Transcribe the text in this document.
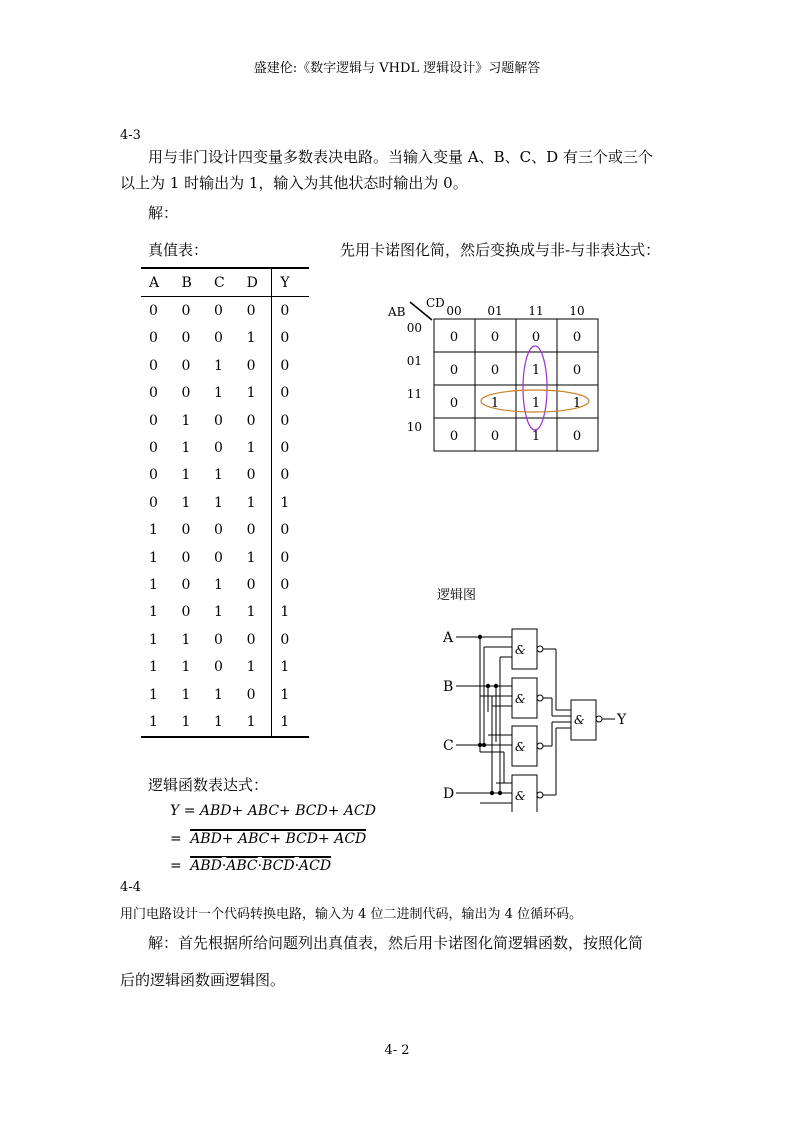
盛建伦:《数字逻辑与 VHDL 逻辑设计》习题解答
4-3
用与非门设计四变量多数表决电路。当输入变量 A、B、C、D 有三个或三个
以上为 1 时输出为 1，输入为其他状态时输出为 0。
解：
真值表：	先用卡诺图化简，然后变换成与非-与非表达式：
A	B	C	D	Y
0	0	0	0	0
0	0	0	1	0
0	0	1	0	0
0	0	1	1	0
0	1	0	0	0
0	1	0	1	0
0	1	1	0	0
0	1	1	1	1
1	0	0	0	0
1	0	0	1	0
1	0	1	0	0
1	0	1	1	1
1	1	0	0	0
1	1	0	1	1
1	1	1	0	1
1	1	1	1	1
AB
CD
00 01 11 10
00
01
11
10
0	0	0	0
0	0	1	0
0	1	1	1
0	0	1	0
逻辑图
A
B
C
D
Y
&
&
&
&
&
逻辑函数表达式：
Y = ABD+ ABC+ BCD+ ACD
= ABD+ ABC+ BCD+ ACD
= $\overline{ABD}\cdot\overline{ABC}\cdot\overline{BCD}\cdot\overline{ACD}$
4-4
用门电路设计一个代码转换电路，输入为 4 位二进制代码，输出为 4 位循环码。
解：首先根据所给问题列出真值表，然后用卡诺图化简逻辑函数，按照化简
后的逻辑函数画逻辑图。
4- 2
